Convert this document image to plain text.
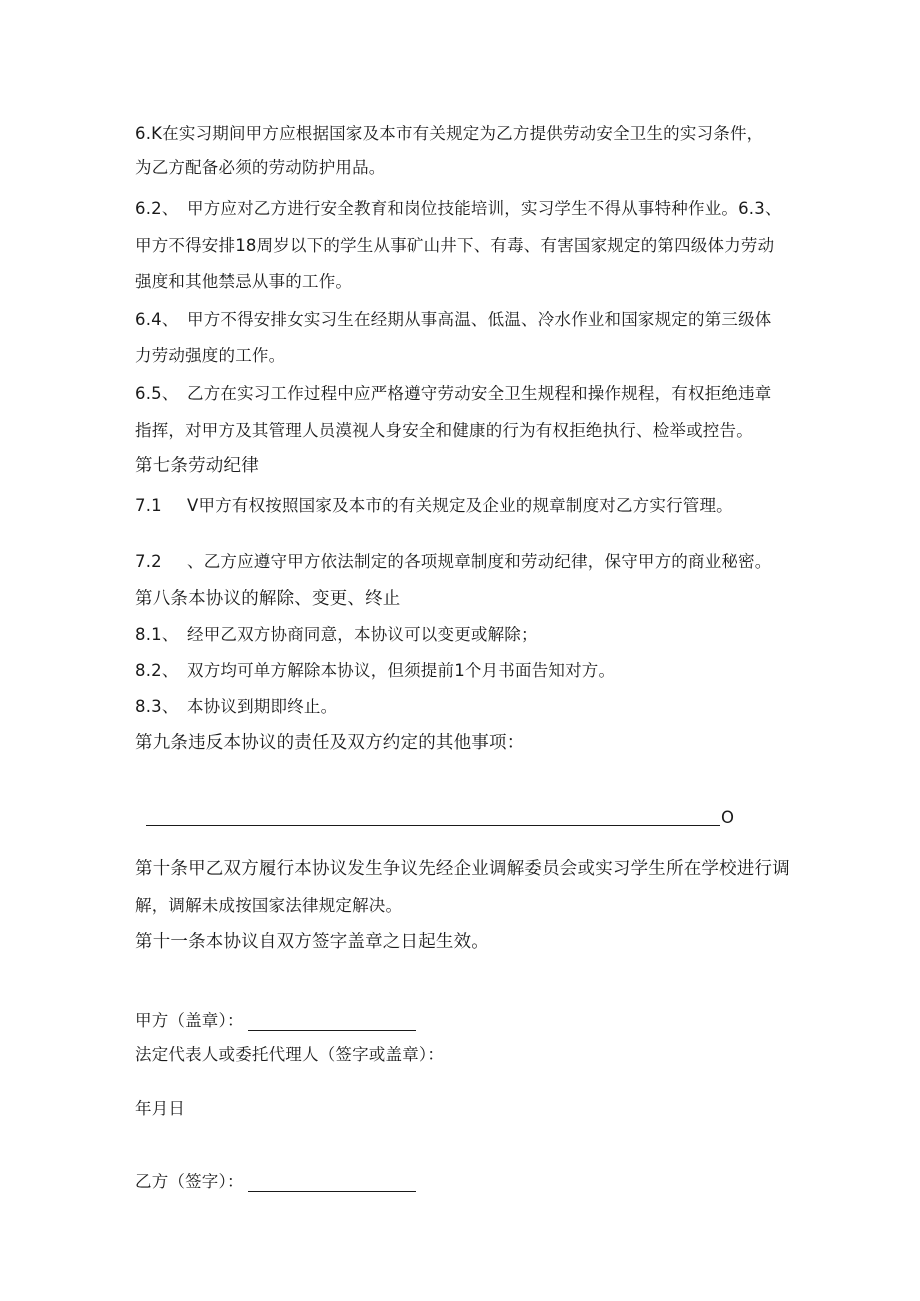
6.K在实习期间甲方应根据国家及本市有关规定为乙方提供劳动安全卫生的实习条件，
为乙方配备必须的劳动防护用品。
6.2、 甲方应对乙方进行安全教育和岗位技能培训，实习学生不得从事特种作业。6.3、
甲方不得安排18周岁以下的学生从事矿山井下、有毒、有害国家规定的第四级体力劳动
强度和其他禁忌从事的工作。
6.4、 甲方不得安排女实习生在经期从事高温、低温、冷水作业和国家规定的第三级体
力劳动强度的工作。
6.5、 乙方在实习工作过程中应严格遵守劳动安全卫生规程和操作规程，有权拒绝违章
指挥，对甲方及其管理人员漠视人身安全和健康的行为有权拒绝执行、检举或控告。
第七条劳动纪律
7.1 V甲方有权按照国家及本市的有关规定及企业的规章制度对乙方实行管理。
7.2 、乙方应遵守甲方依法制定的各项规章制度和劳动纪律，保守甲方的商业秘密。
第八条本协议的解除、变更、终止
8.1、 经甲乙双方协商同意，本协议可以变更或解除；
8.2、 双方均可单方解除本协议，但须提前1个月书面告知对方。
8.3、 本协议到期即终止。
第九条违反本协议的责任及双方约定的其他事项：
O
第十条甲乙双方履行本协议发生争议先经企业调解委员会或实习学生所在学校进行调
解，调解未成按国家法律规定解决。
第十一条本协议自双方签字盖章之日起生效。
甲方（盖章）：
法定代表人或委托代理人（签字或盖章）：
年月日
乙方（签字）：
